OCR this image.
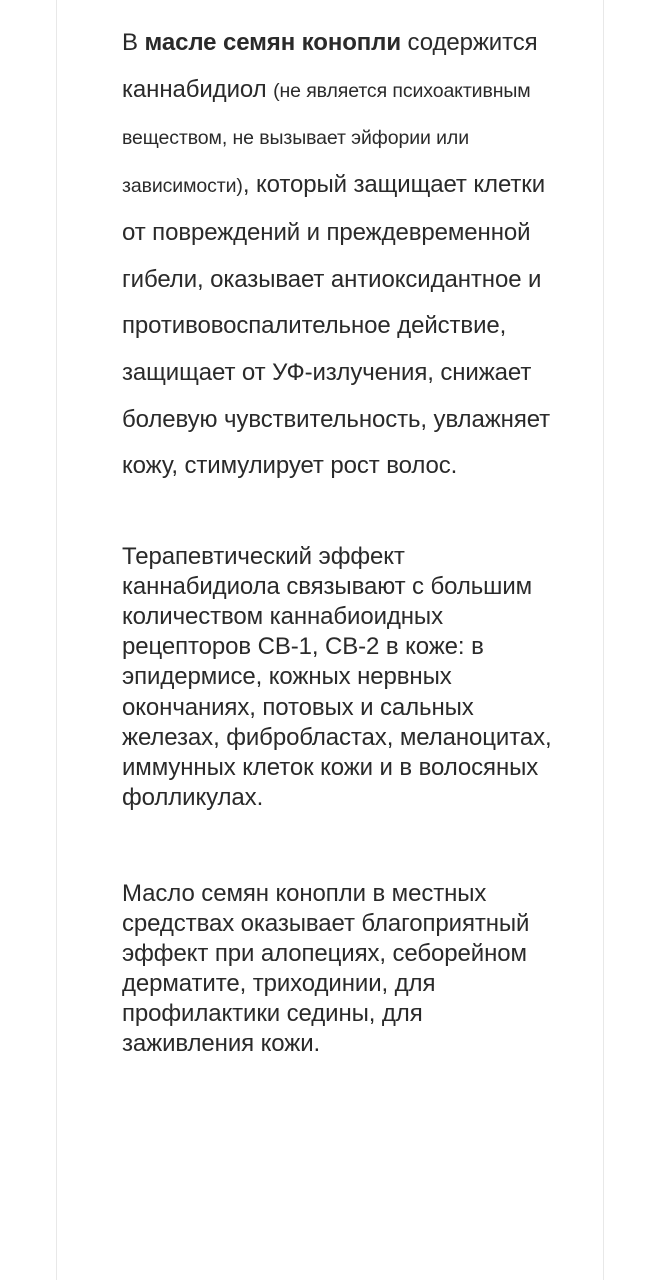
В масле семян конопли содержится каннабидиол (не является психоактивным веществом, не вызывает эйфории или зависимости), который защищает клетки от повреждений и преждевременной гибели, оказывает антиоксидантное и противовоспалительное действие, защищает от УФ-излучения, снижает болевую чувствительность, увлажняет кожу, стимулирует рост волос.

Терапевтический эффект каннабидиола связывают с большим количеством каннабиоидных рецепторов CB-1, CB-2 в коже: в эпидермисе, кожных нервных окончаниях, потовых и сальных железах, фибробластах, меланоцитах, иммунных клеток кожи и в волосяных фолликулах.

Масло семян конопли в местных средствах оказывает благоприятный эффект при алопециях, себорейном дерматите, триходинии, для профилактики седины, для заживления кожи.
